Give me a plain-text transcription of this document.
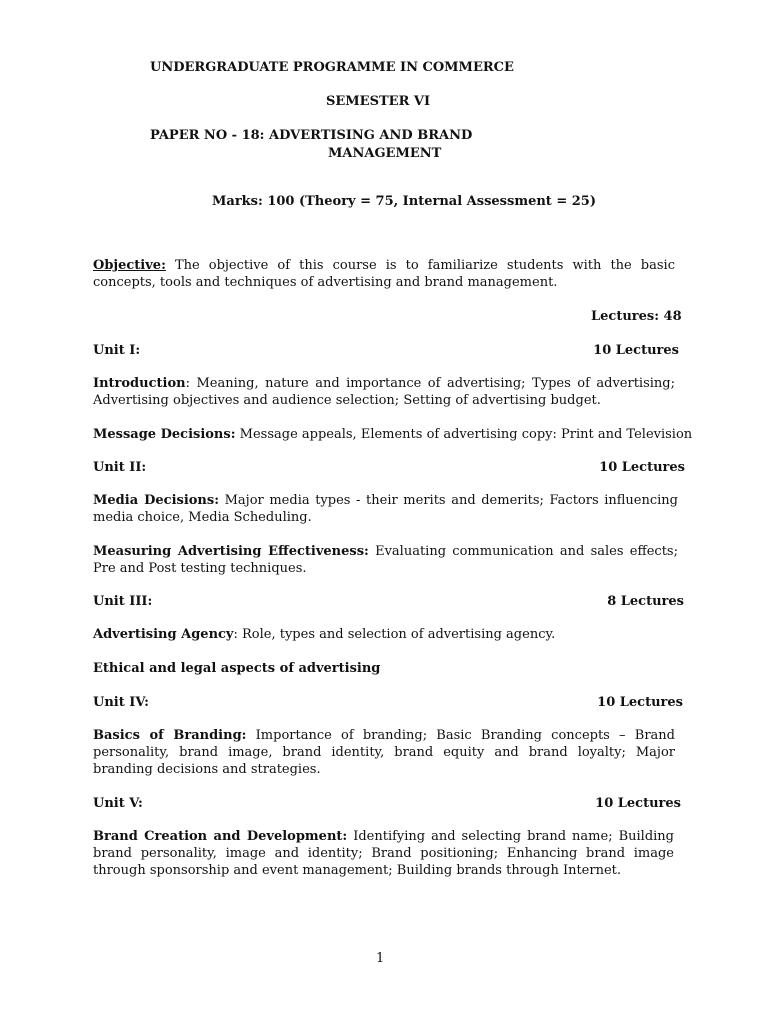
UNDERGRADUATE PROGRAMME IN COMMERCE
SEMESTER VI
PAPER NO - 18: ADVERTISING AND BRAND
MANAGEMENT
Marks: 100 (Theory = 75, Internal Assessment = 25)
Objective: The objective of this course is to familiarize students with the basic concepts, tools and techniques of advertising and brand management.
Lectures: 48
Unit I:	10 Lectures
Introduction: Meaning, nature and importance of advertising; Types of advertising; Advertising objectives and audience selection; Setting of advertising budget.
Message Decisions: Message appeals, Elements of advertising copy: Print and Television
Unit II:	10 Lectures
Media Decisions: Major media types - their merits and demerits; Factors influencing media choice, Media Scheduling.
Measuring Advertising Effectiveness: Evaluating communication and sales effects; Pre and Post testing techniques.
Unit III:	8 Lectures
Advertising Agency: Role, types and selection of advertising agency.
Ethical and legal aspects of advertising
Unit IV:	10 Lectures
Basics of Branding: Importance of branding; Basic Branding concepts – Brand personality, brand image, brand identity, brand equity and brand loyalty; Major branding decisions and strategies.
Unit V:	10 Lectures
Brand Creation and Development: Identifying and selecting brand name; Building brand personality, image and identity; Brand positioning; Enhancing brand image through sponsorship and event management; Building brands through Internet.
1
